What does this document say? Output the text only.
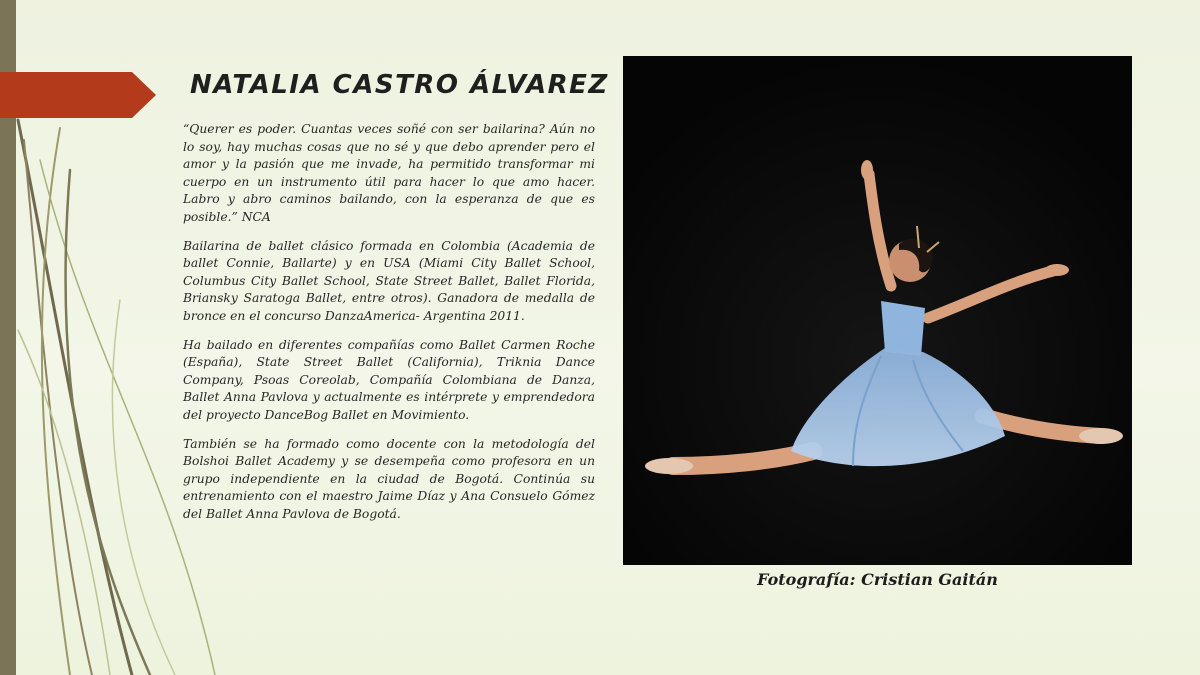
NATALIA CASTRO ÁLVAREZ

“Querer es poder. Cuantas veces soñé con ser bailarina? Aún no lo soy, hay muchas cosas que no sé y que debo aprender pero el amor y la pasión que me invade, ha permitido transformar mi cuerpo en un instrumento útil para hacer lo que amo hacer. Labro y abro caminos bailando, con la esperanza de que es posible.” NCA

Bailarina de ballet clásico formada en Colombia (Academia de ballet Connie, Ballarte) y en USA (Miami City Ballet School, Columbus City Ballet School, State Street Ballet, Ballet Florida, Briansky Saratoga Ballet, entre otros). Ganadora de medalla de bronce en el concurso DanzaAmerica- Argentina 2011.

Ha bailado en diferentes compañías como Ballet Carmen Roche (España), State Street Ballet (California), Triknia Dance Company, Psoas Coreolab, Compañía Colombiana de Danza, Ballet Anna Pavlova y actualmente es intérprete y emprendedora del proyecto DanceBog Ballet en Movimiento.

También se ha formado como docente con la metodología del Bolshoi Ballet Academy y se desempeña como profesora en un grupo independiente en la ciudad de Bogotá. Continúa su entrenamiento con el maestro Jaime Díaz y Ana Consuelo Gómez del Ballet Anna Pavlova de Bogotá.

Fotografía: Cristian Gaitán
